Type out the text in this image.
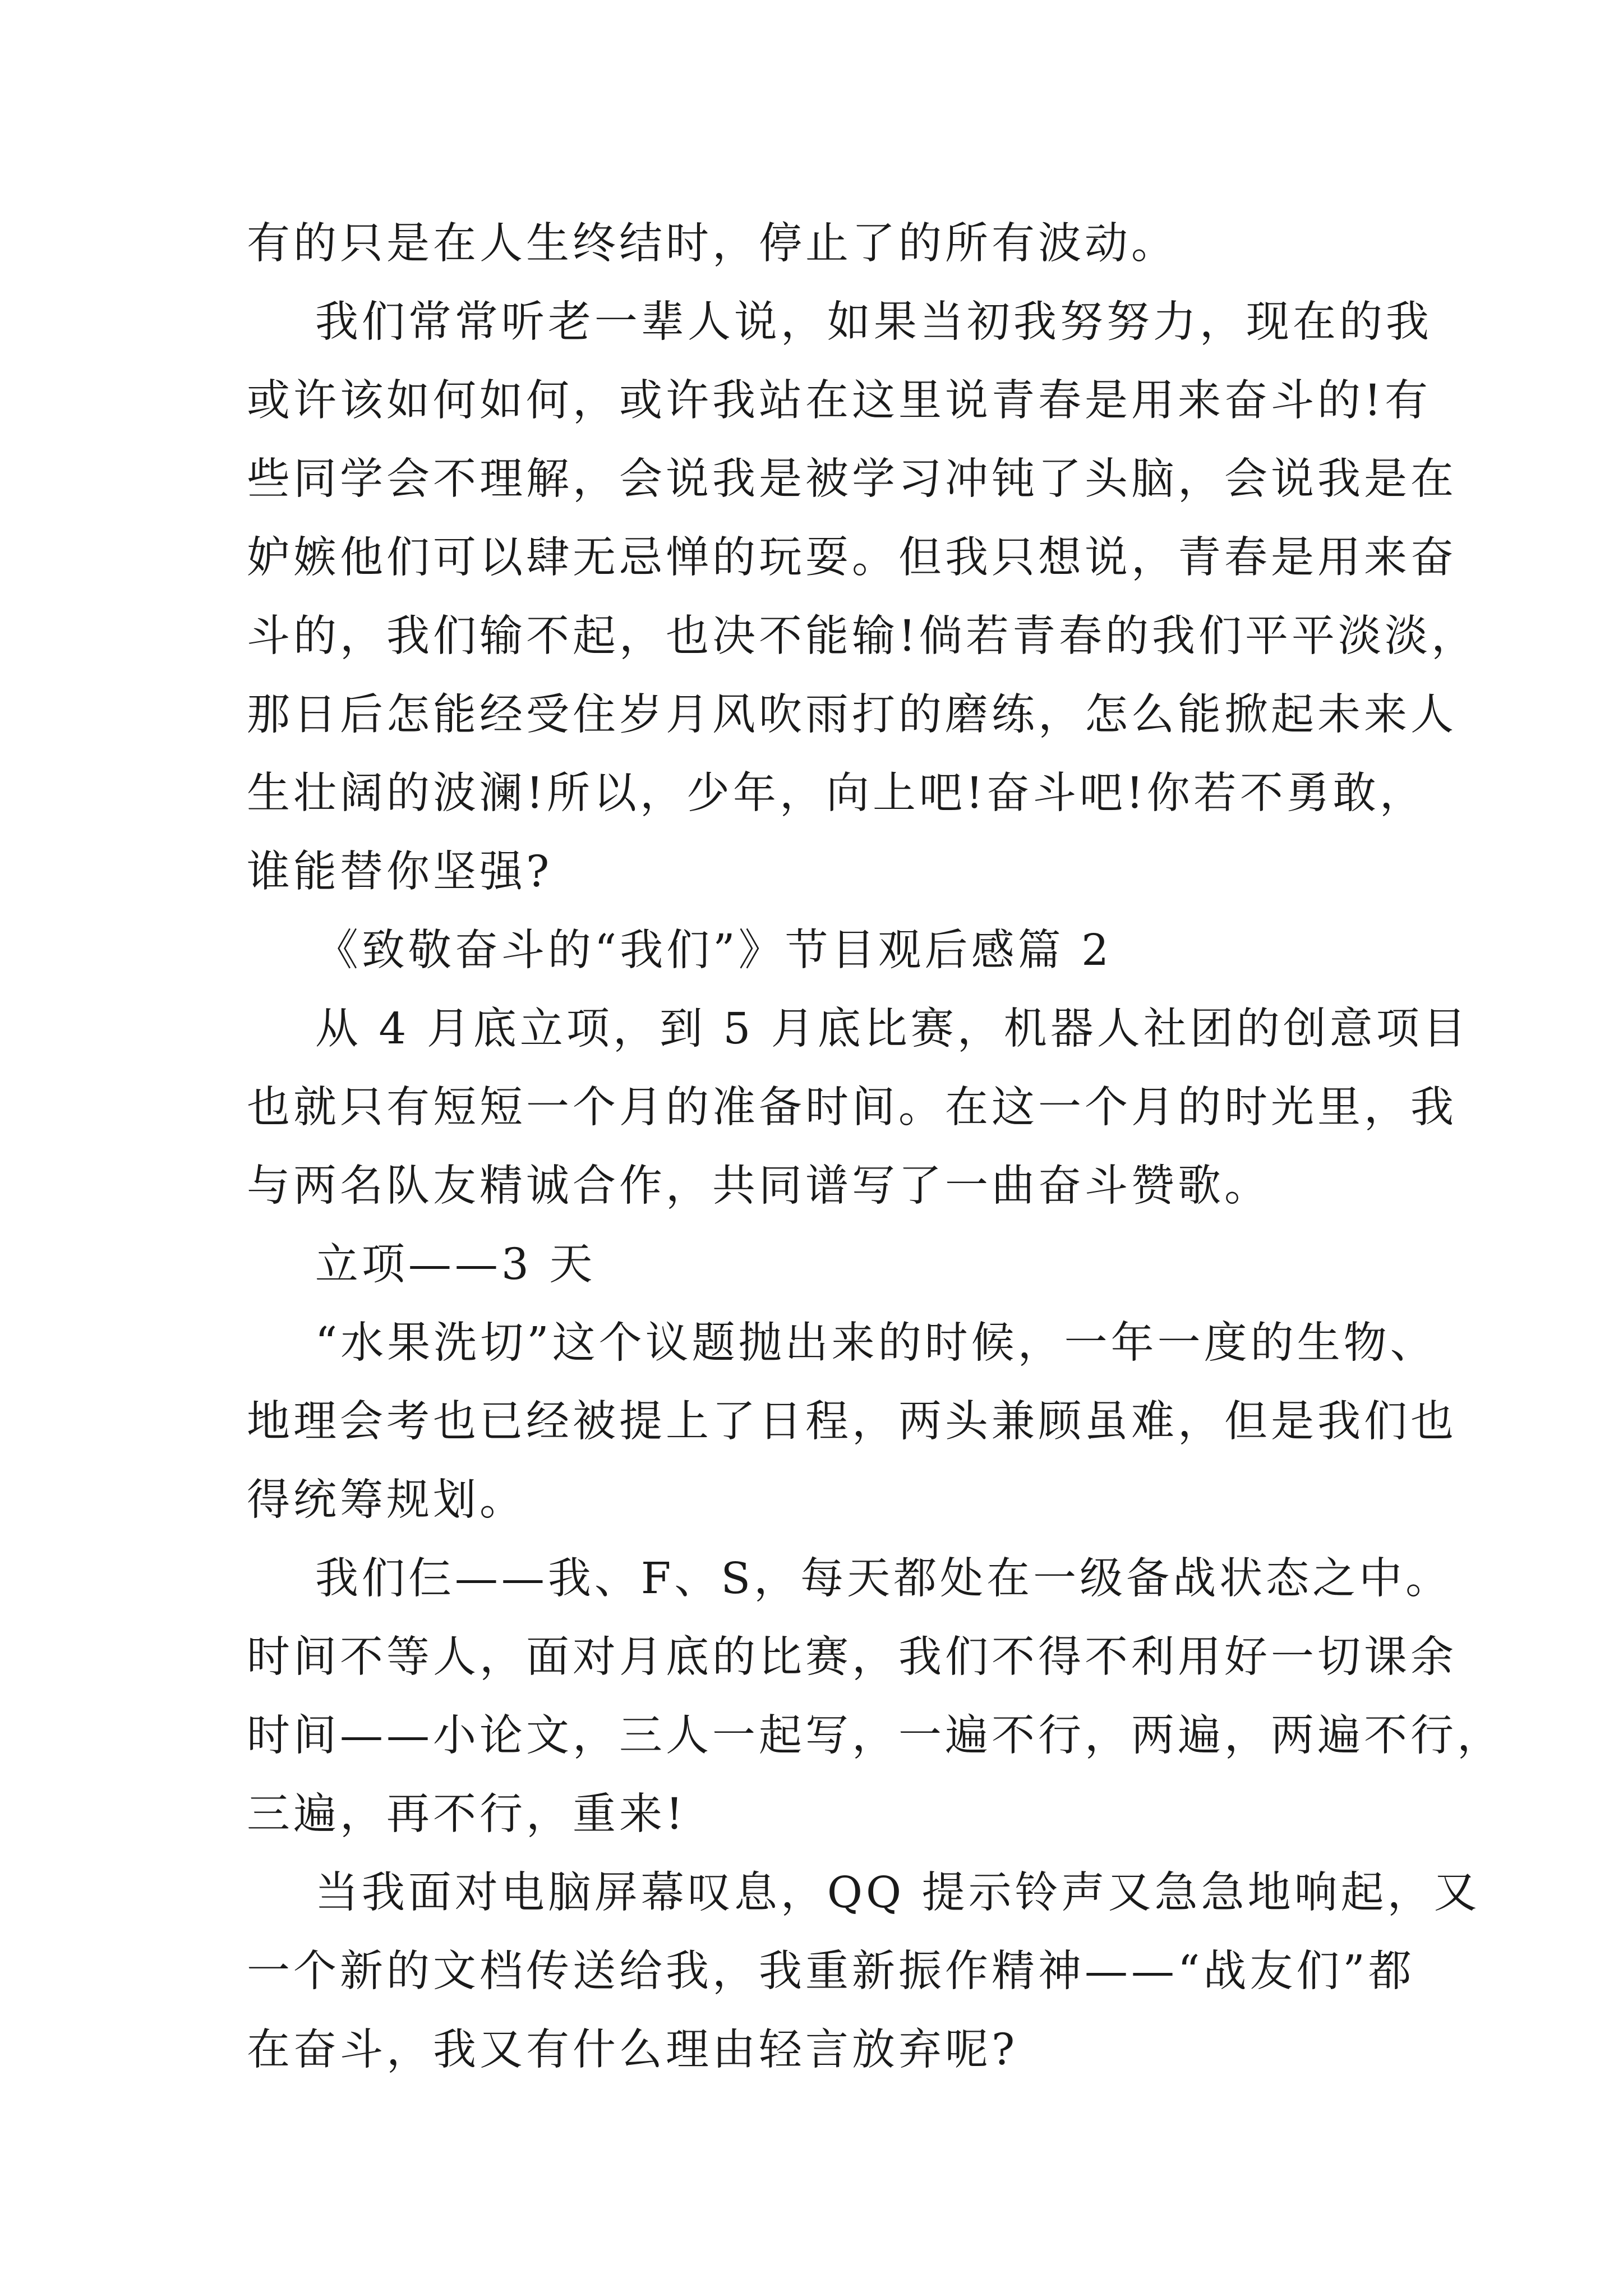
有的只是在人生终结时，停止了的所有波动。
我们常常听老一辈人说，如果当初我努努力，现在的我
或许该如何如何，或许我站在这里说青春是用来奋斗的!有
些同学会不理解，会说我是被学习冲钝了头脑，会说我是在
妒嫉他们可以肆无忌惮的玩耍。但我只想说，青春是用来奋
斗的，我们输不起，也决不能输!倘若青春的我们平平淡淡，
那日后怎能经受住岁月风吹雨打的磨练，怎么能掀起未来人
生壮阔的波澜!所以，少年，向上吧!奋斗吧!你若不勇敢，
谁能替你坚强?
《致敬奋斗的“我们”》节目观后感篇 2
从 4 月底立项，到 5 月底比赛，机器人社团的创意项目
也就只有短短一个月的准备时间。在这一个月的时光里，我
与两名队友精诚合作，共同谱写了一曲奋斗赞歌。
立项——3 天
“水果洗切”这个议题抛出来的时候，一年一度的生物、
地理会考也已经被提上了日程，两头兼顾虽难，但是我们也
得统筹规划。
我们仨——我、F、S，每天都处在一级备战状态之中。
时间不等人，面对月底的比赛，我们不得不利用好一切课余
时间——小论文，三人一起写，一遍不行，两遍，两遍不行，
三遍，再不行，重来!
当我面对电脑屏幕叹息，QQ 提示铃声又急急地响起，又
一个新的文档传送给我，我重新振作精神——“战友们”都
在奋斗，我又有什么理由轻言放弃呢?
